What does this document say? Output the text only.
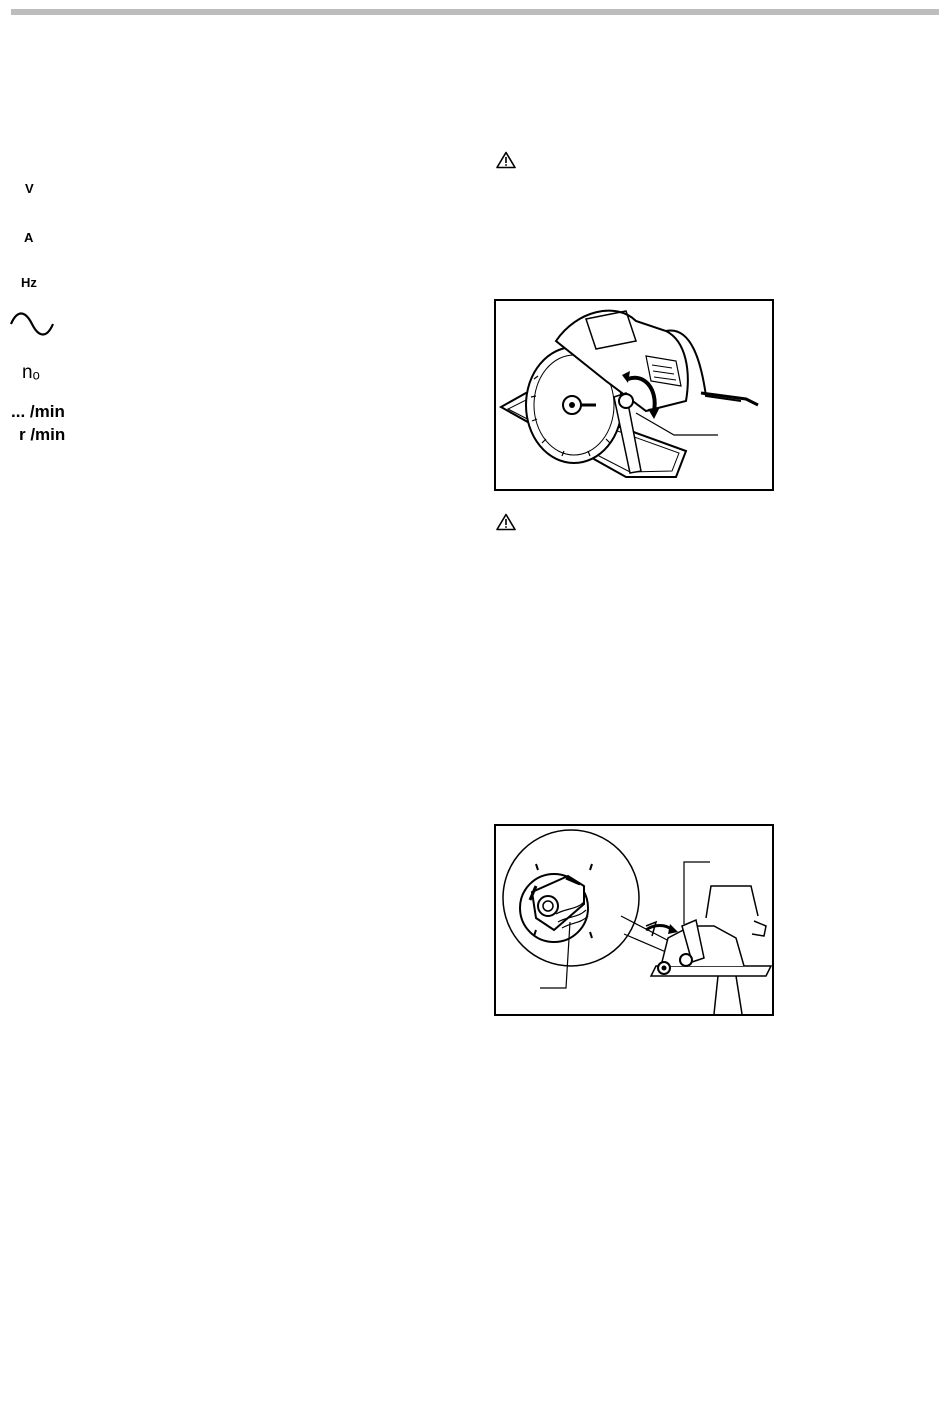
V
A
Hz
nₒ
... /min
r /min
